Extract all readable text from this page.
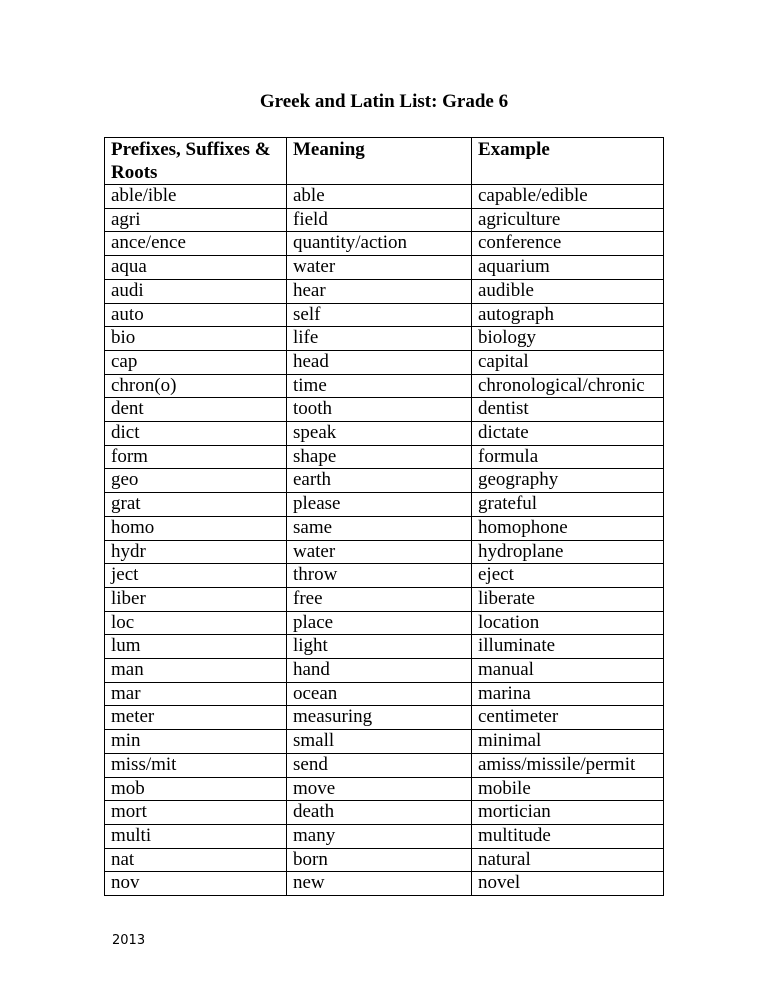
Greek and Latin List: Grade 6
Prefixes, Suffixes & Roots	Meaning	Example
able/ible	able	capable/edible
agri	field	agriculture
ance/ence	quantity/action	conference
aqua	water	aquarium
audi	hear	audible
auto	self	autograph
bio	life	biology
cap	head	capital
chron(o)	time	chronological/chronic
dent	tooth	dentist
dict	speak	dictate
form	shape	formula
geo	earth	geography
grat	please	grateful
homo	same	homophone
hydr	water	hydroplane
ject	throw	eject
liber	free	liberate
loc	place	location
lum	light	illuminate
man	hand	manual
mar	ocean	marina
meter	measuring	centimeter
min	small	minimal
miss/mit	send	amiss/missile/permit
mob	move	mobile
mort	death	mortician
multi	many	multitude
nat	born	natural
nov	new	novel
2013
